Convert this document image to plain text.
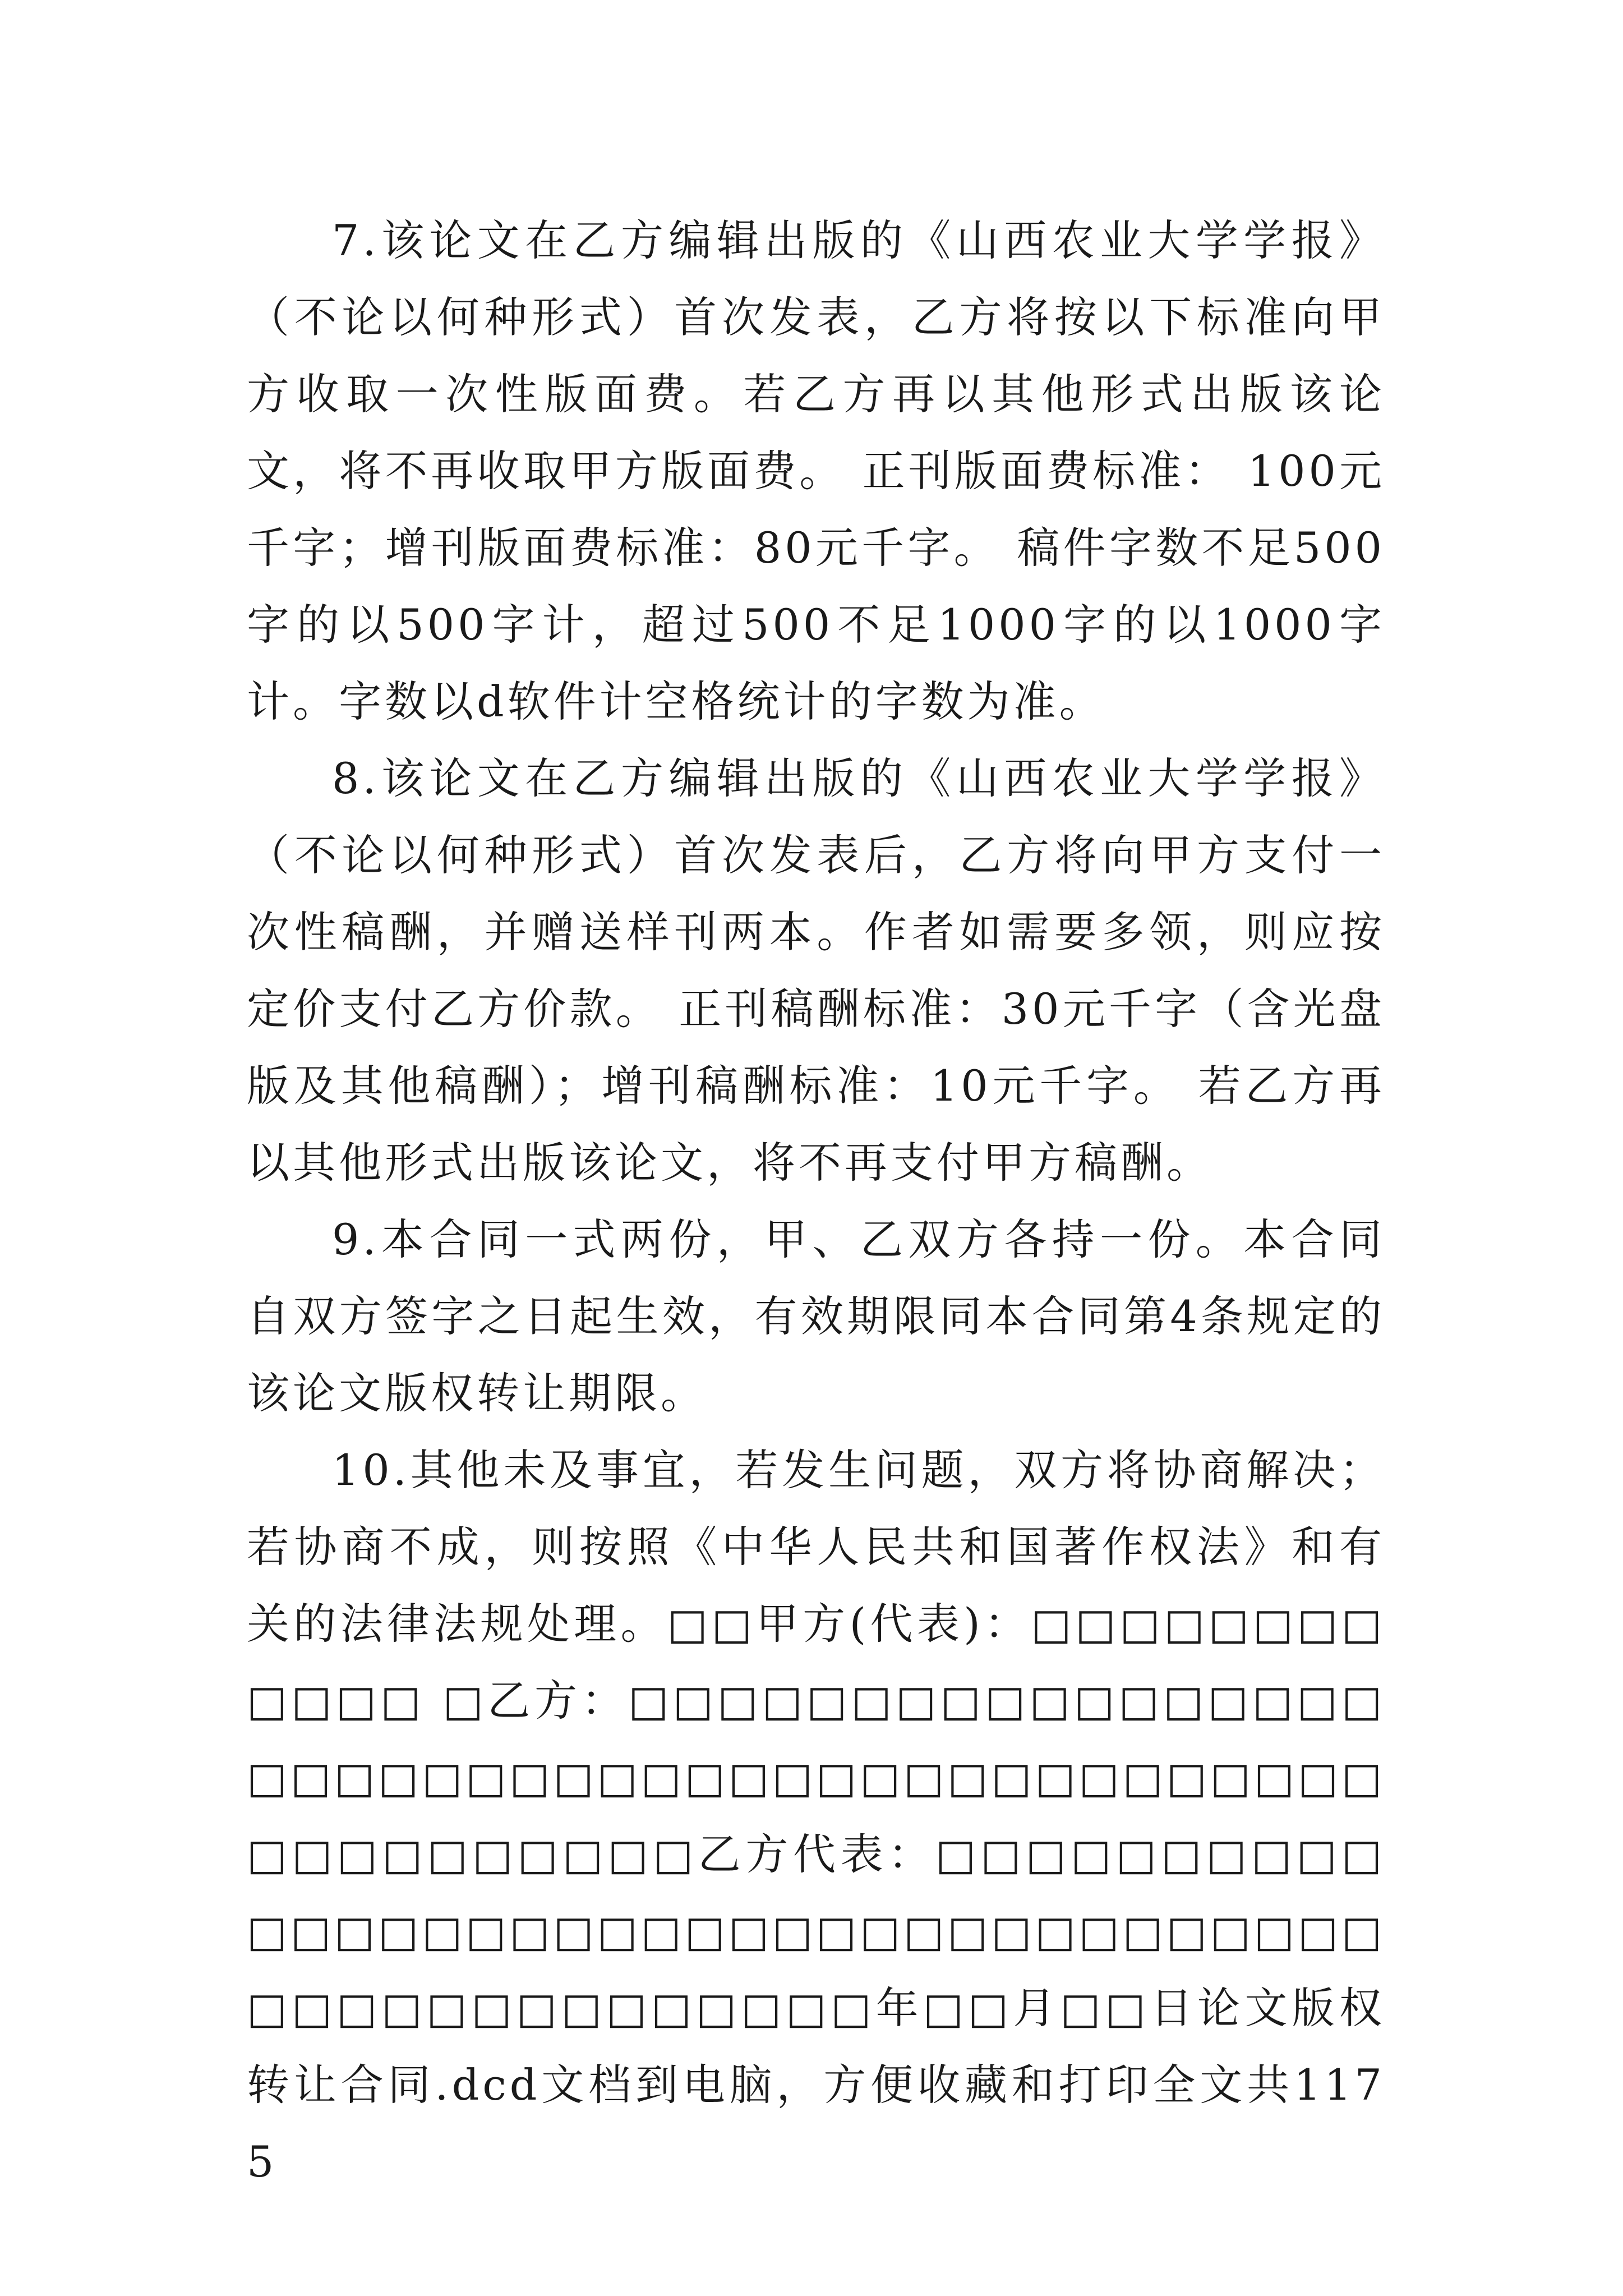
7.该论文在乙方编辑出版的《山西农业大学学报》（不论以何种形式）首次发表，乙方将按以下标准向甲方收取一次性版面费。若乙方再以其他形式出版该论文，将不再收取甲方版面费。 正刊版面费标准： 100元千字；增刊版面费标准：80元千字。 稿件字数不足500字的以500字计，超过500不足1000字的以1000字计。字数以d软件计空格统计的字数为准。

8.该论文在乙方编辑出版的《山西农业大学学报》（不论以何种形式）首次发表后，乙方将向甲方支付一次性稿酬，并赠送样刊两本。作者如需要多领，则应按定价支付乙方价款。 正刊稿酬标准：30元千字（含光盘版及其他稿酬）；增刊稿酬标准：10元千字。 若乙方再以其他形式出版该论文，将不再支付甲方稿酬。

9.本合同一式两份，甲、乙双方各持一份。本合同自双方签字之日起生效，有效期限同本合同第4条规定的该论文版权转让期限。

10.其他未及事宜，若发生问题，双方将协商解决；若协商不成，则按照《中华人民共和国著作权法》和有关的法律法规处理。□□甲方(代表)：□□□□□□□□□□□□ □乙方：□□□□□□□□□□□□□□□□□□□□□□□□□□□□□□□□□□□□□□□□□□□□□□□□□□□□□乙方代表：□□□□□□□□□□□□□□□□□□□□□□□□□□□□□□□□□□□□□□□□□□□□□□□□□□年□□月□□日论文版权转让合同.dcd文档到电脑，方便收藏和打印全文共1175
